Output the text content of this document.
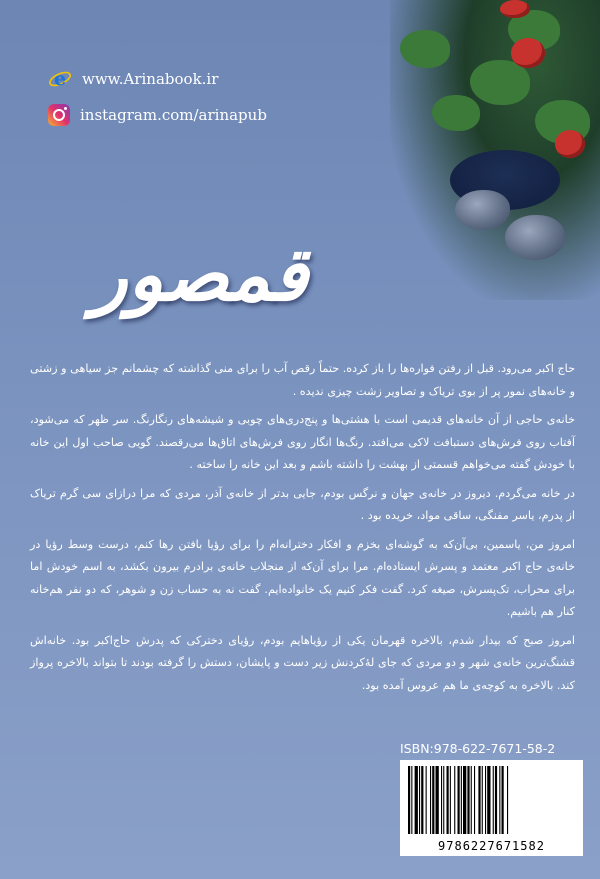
e www.Arinabook.ir
instagram.com/arinapub
قمصور

حاج اکبر می‌رود. قبل از رفتن فواره‌ها را باز کرده. حتماً رقص آب را برای منی گذاشته که چشمانم جز سیاهی و زشتی و خانه‌های نمور پر از بوی تریاک و تصاویر زشت چیزی ندیده .

خانه‌ی حاجی از آن خانه‌های قدیمی است با هشتی‌ها و پنج‌دری‌های چوبی و شیشه‌های رنگارنگ. سر ظهر که می‌شود، آفتاب روی فرش‌های دستبافت لاکی می‌افتد. رنگ‌ها انگار روی فرش‌های اتاق‌ها می‌رقصند. گویی صاحب اول این خانه با خودش گفته می‌خواهم قسمتی از بهشت را داشته باشم و بعد این خانه را ساخته .

در خانه می‌گردم. دیروز در خانه‌ی جهان و نرگس بودم، جایی بدتر از خانه‌ی آذر، مردی که مرا درازای سی گرم تریاک از پدرم، یاسر مفنگی، ساقی مواد، خریده بود .

امروز من، یاسمین، بی‌آن‌که به گوشه‌ای بخزم و افکار دخترانه‌ام را برای رؤیا بافتن رها کنم، درست وسط رؤیا در خانه‌ی حاج اکبر معتمد و پسرش ایستاده‌ام. مرا برای آن‌که از منجلاب خانه‌ی برادرم بیرون بکشد، به اسم خودش اما برای محراب، تک‌پسرش، صیغه کرد. گفت فکر کنیم یک خانواده‌ایم. گفت نه به حساب زن و شوهر، که دو نفر هم‌خانه کنار هم باشیم.

امروز صبح که بیدار شدم، بالاخره قهرمان یکی از رؤیاهایم بودم، رؤیای دخترکی که پدرش حاج‌اکبر بود. خانه‌اش قشنگ‌ترین خانه‌ی شهر و دو مردی که جای لهٔ‌کردنش زیر دست و پایشان، دستش را گرفته بودند تا بتواند بالاخره پرواز کند. بالاخره به کوچه‌ی ما هم عروس آمده بود.

ISBN:978-622-7671-58-2
9786227671582
